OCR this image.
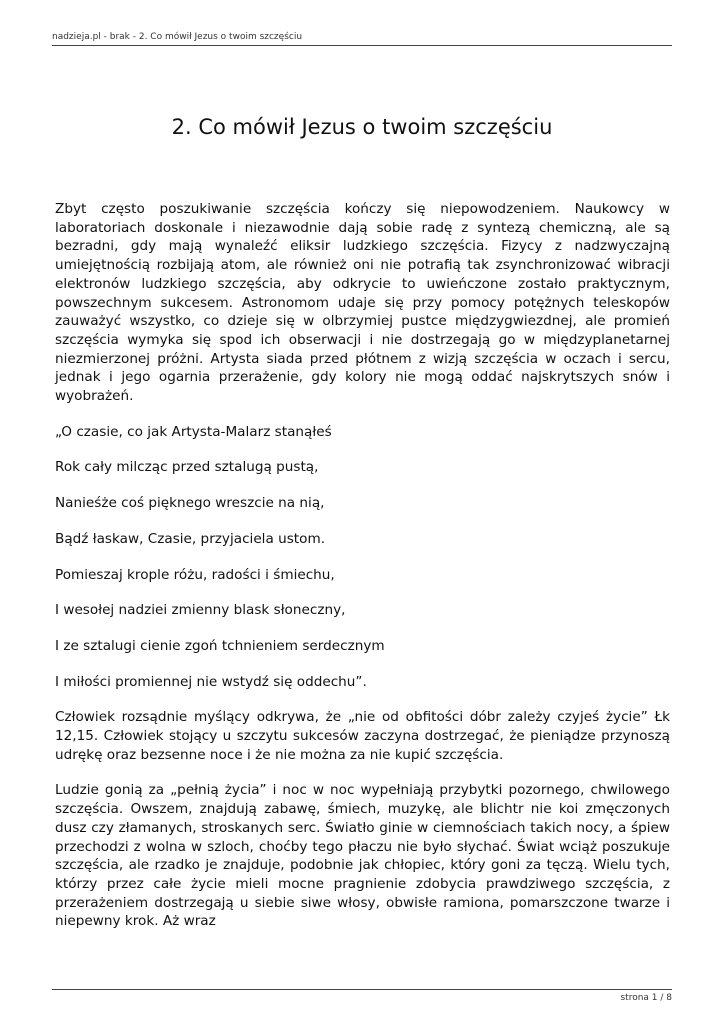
nadzieja.pl - brak - 2. Co mówił Jezus o twoim szczęściu
2. Co mówił Jezus o twoim szczęściu

Zbyt często poszukiwanie szczęścia kończy się niepowodzeniem. Naukowcy w laboratoriach doskonale i niezawodnie dają sobie radę z syntezą chemiczną, ale są bezradni, gdy mają wynaleźć eliksir ludzkiego szczęścia. Fizycy z nadzwyczajną umiejętnością rozbijają atom, ale również oni nie potrafią tak zsynchronizować wibracji elektronów ludzkiego szczęścia, aby odkrycie to uwieńczone zostało praktycznym, powszechnym sukcesem. Astronomom udaje się przy pomocy potężnych teleskopów zauważyć wszystko, co dzieje się w olbrzymiej pustce międzygwiezdnej, ale promień szczęścia wymyka się spod ich obserwacji i nie dostrzegają go w międzyplanetarnej niezmierzonej próżni. Artysta siada przed płótnem z wizją szczęścia w oczach i sercu, jednak i jego ogarnia przerażenie, gdy kolory nie mogą oddać najskrytszych snów i wyobrażeń.

„O czasie, co jak Artysta-Malarz stanąłeś

Rok cały milcząc przed sztalugą pustą,

Nanieśże coś pięknego wreszcie na nią,

Bądź łaskaw, Czasie, przyjaciela ustom.

Pomieszaj krople różu, radości i śmiechu,

I wesołej nadziei zmienny blask słoneczny,

I ze sztalugi cienie zgoń tchnieniem serdecznym

I miłości promiennej nie wstydź się oddechu”.

Człowiek rozsądnie myślący odkrywa, że „nie od obfitości dóbr zależy czyjeś życie” Łk 12,15. Człowiek stojący u szczytu sukcesów zaczyna dostrzegać, że pieniądze przynoszą udrękę oraz bezsenne noce i że nie można za nie kupić szczęścia.

Ludzie gonią za „pełnią życia” i noc w noc wypełniają przybytki pozornego, chwilowego szczęścia. Owszem, znajdują zabawę, śmiech, muzykę, ale blichtr nie koi zmęczonych dusz czy złamanych, stroskanych serc. Światło ginie w ciemnościach takich nocy, a śpiew przechodzi z wolna w szloch, choćby tego płaczu nie było słychać. Świat wciąż poszukuje szczęścia, ale rzadko je znajduje, podobnie jak chłopiec, który goni za tęczą. Wielu tych, którzy przez całe życie mieli mocne pragnienie zdobycia prawdziwego szczęścia, z przerażeniem dostrzegają u siebie siwe włosy, obwisłe ramiona, pomarszczone twarze i niepewny krok. Aż wraz

strona 1 / 8
